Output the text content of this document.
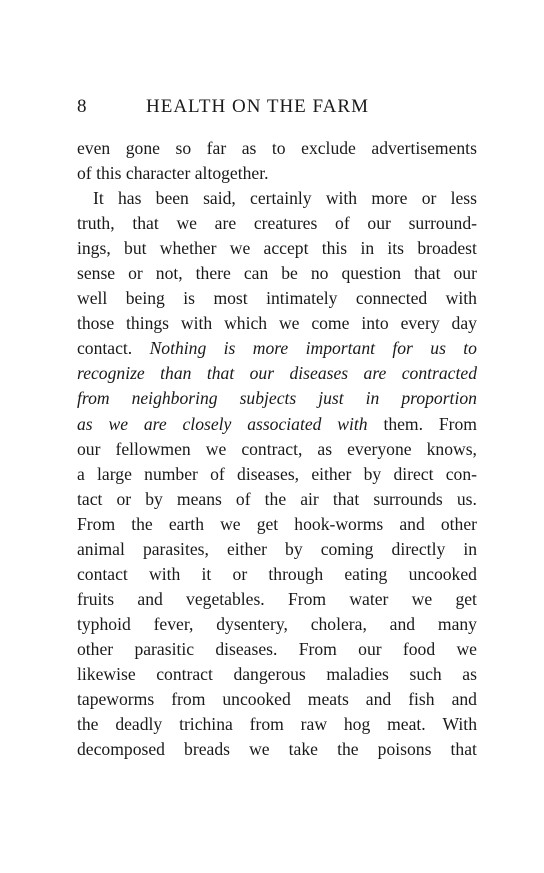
8	HEALTH ON THE FARM
even gone so far as to exclude advertisements
of
this
character
altogether.
It has been said, certainly with more or less
truth, that we are creatures of our surround-
ings, but whether we accept this in its broadest
sense or not, there can be no question that our
well being is most intimately connected with
those things with which we come into every day
contact. Nothing is more important for us to
recognize than that our diseases are contracted
from neighboring subjects just in proportion
as we are closely associated with them. From
our fellowmen we contract, as everyone knows,
a large number of diseases, either by direct con-
tact or by means of the air that surrounds us.
From the earth we get hook-worms and other
animal parasites, either by coming directly in
contact with it or through eating uncooked
fruits and vegetables. From water we get
typhoid fever, dysentery, cholera, and many
other parasitic diseases. From our food we
likewise contract dangerous maladies such as
tapeworms from uncooked meats and fish and
the deadly trichina from raw hog meat. With
decomposed breads we take the poisons that
